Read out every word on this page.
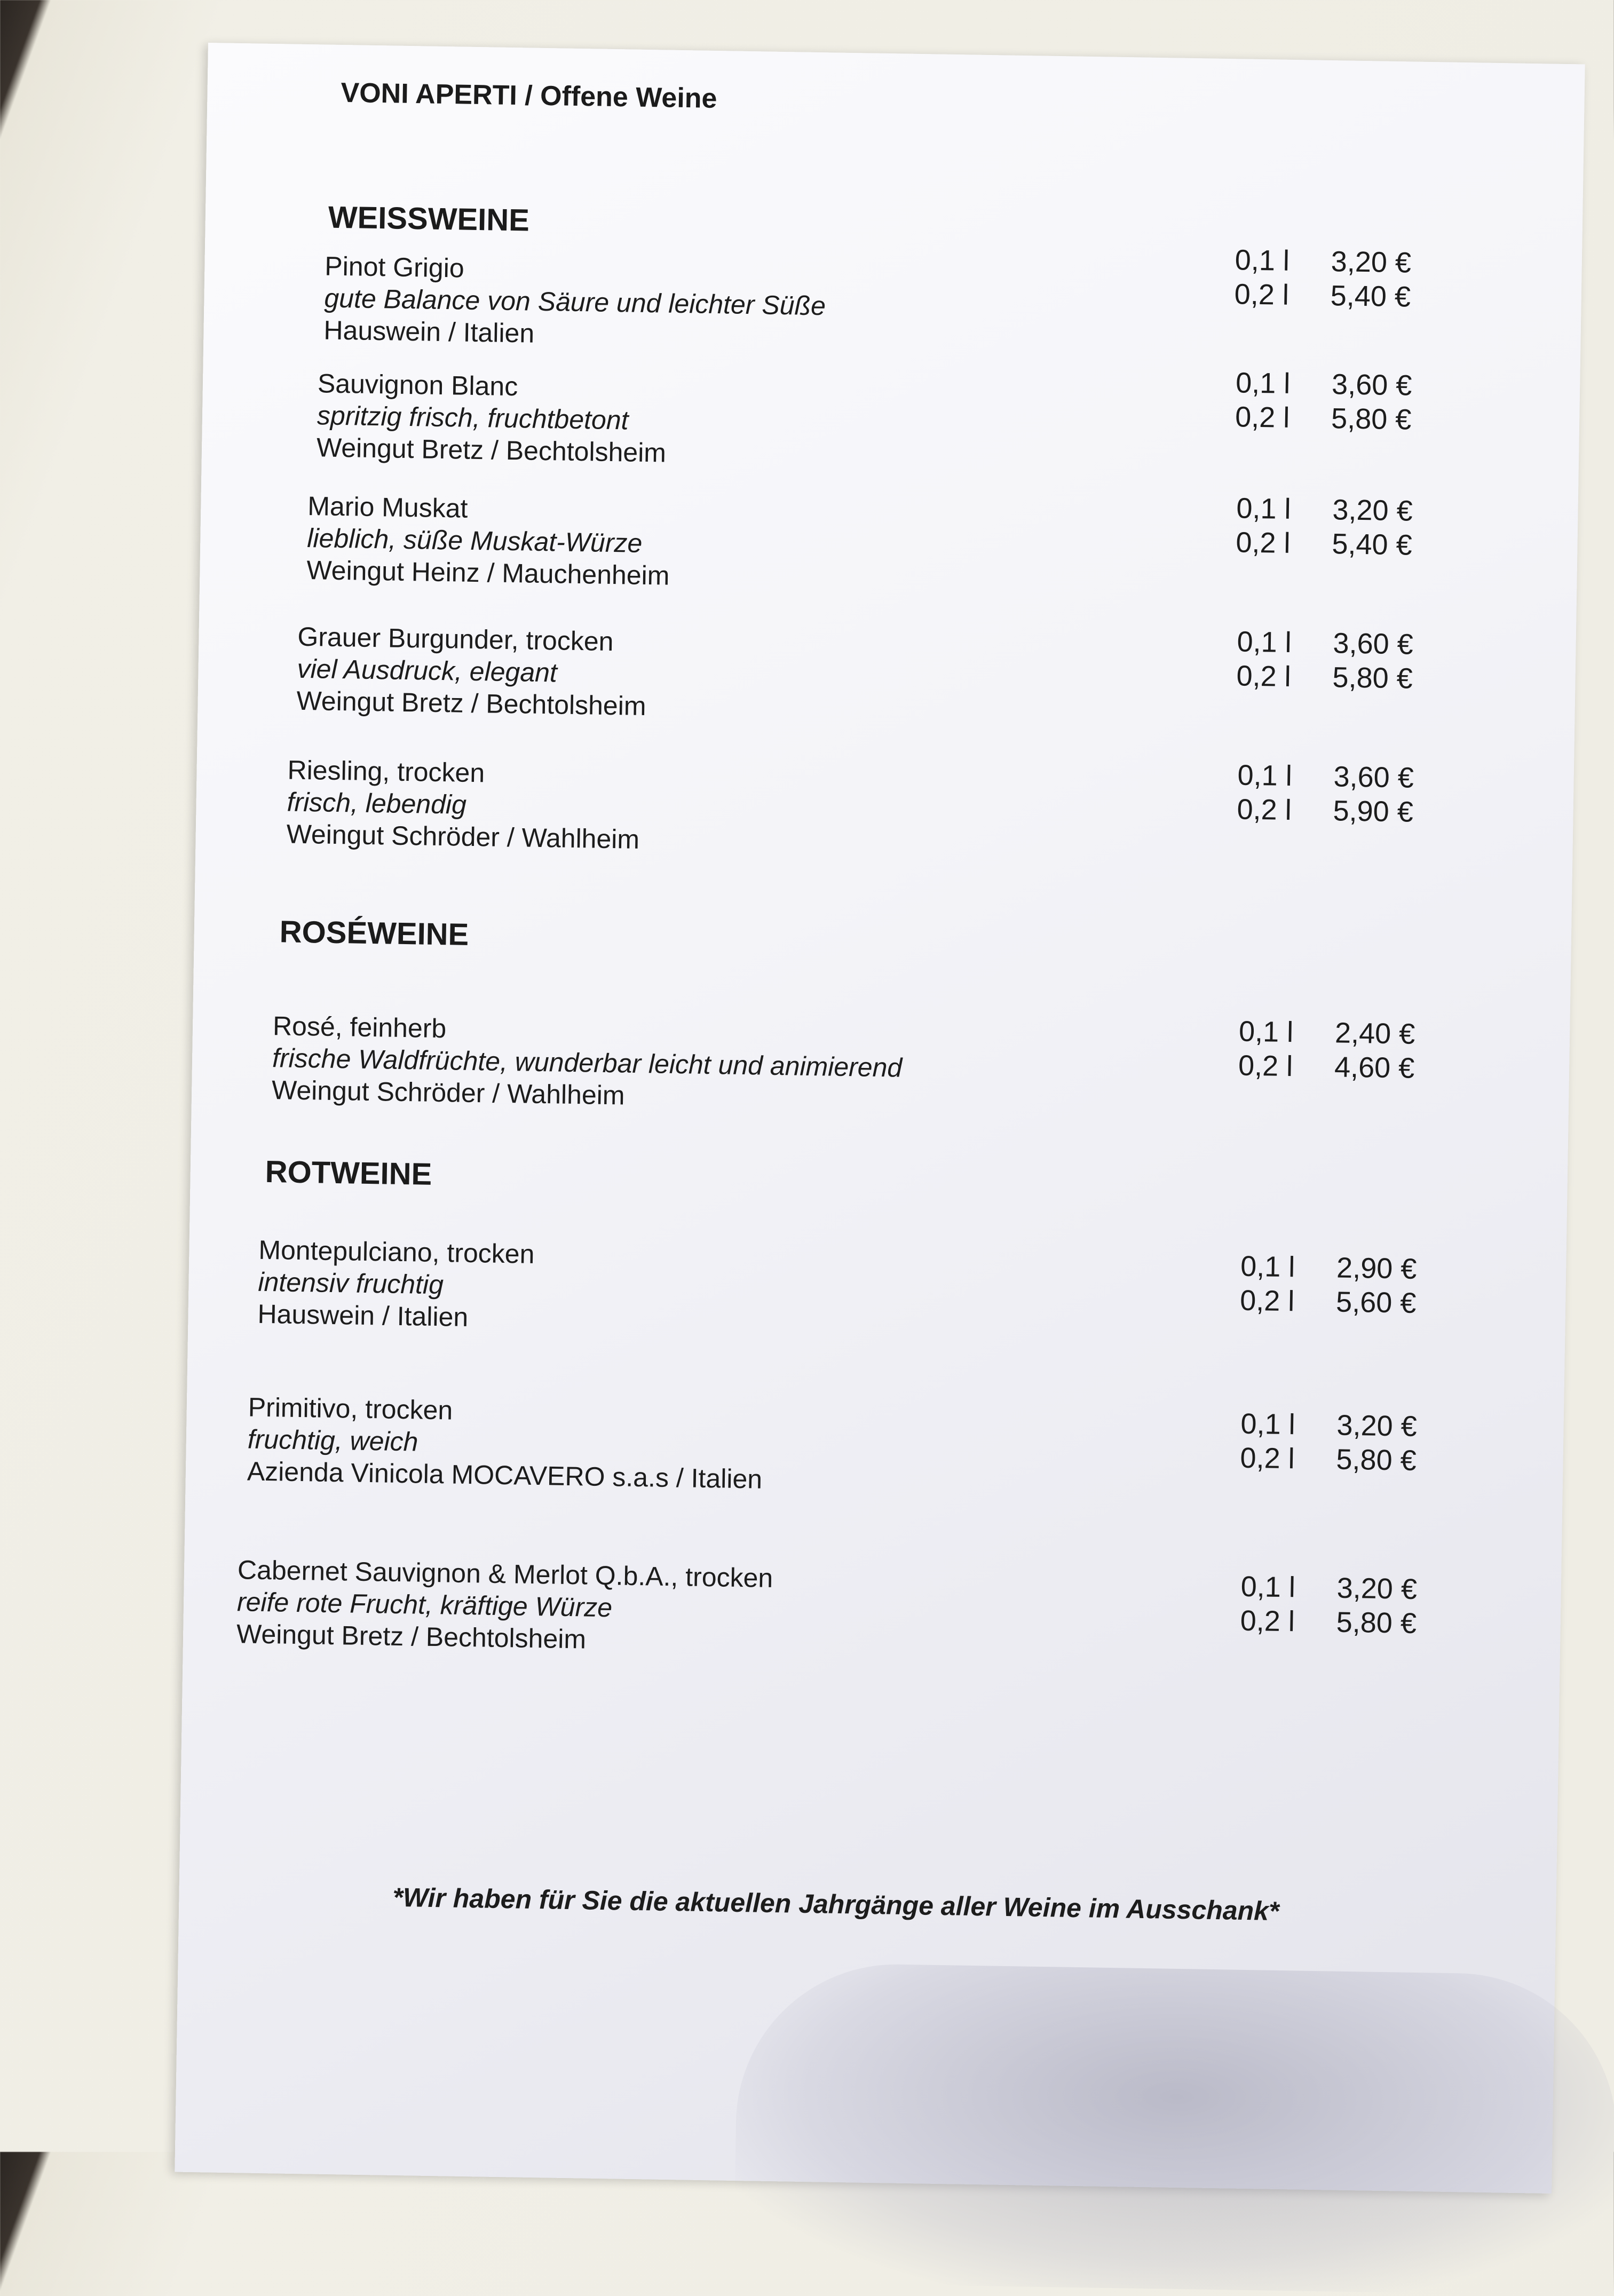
VONI APERTI / Offene Weine
WEISSWEINE
Pinot Grigio
gute Balance von Säure und leichter Süße
Hauswein / Italien
0,1 l	3,20 €
0,2 l	5,40 €
Sauvignon Blanc
spritzig frisch, fruchtbetont
Weingut Bretz / Bechtolsheim
0,1 l	3,60 €
0,2 l	5,80 €
Mario Muskat
lieblich, süße Muskat-Würze
Weingut Heinz / Mauchenheim
0,1 l	3,20 €
0,2 l	5,40 €
Grauer Burgunder, trocken
viel Ausdruck, elegant
Weingut Bretz / Bechtolsheim
0,1 l	3,60 €
0,2 l	5,80 €
Riesling, trocken
frisch, lebendig
Weingut Schröder / Wahlheim
0,1 l	3,60 €
0,2 l	5,90 €
ROSÉWEINE
Rosé, feinherb
frische Waldfrüchte, wunderbar leicht und animierend
Weingut Schröder / Wahlheim
0,1 l	2,40 €
0,2 l	4,60 €
ROTWEINE
Montepulciano, trocken
intensiv fruchtig
Hauswein / Italien
0,1 l	2,90 €
0,2 l	5,60 €
Primitivo, trocken
fruchtig, weich
Azienda Vinicola MOCAVERO s.a.s / Italien
0,1 l	3,20 €
0,2 l	5,80 €
Cabernet Sauvignon & Merlot Q.b.A., trocken
reife rote Frucht, kräftige Würze
Weingut Bretz / Bechtolsheim
0,1 l	3,20 €
0,2 l	5,80 €
*Wir haben für Sie die aktuellen Jahrgänge aller Weine im Ausschank*
